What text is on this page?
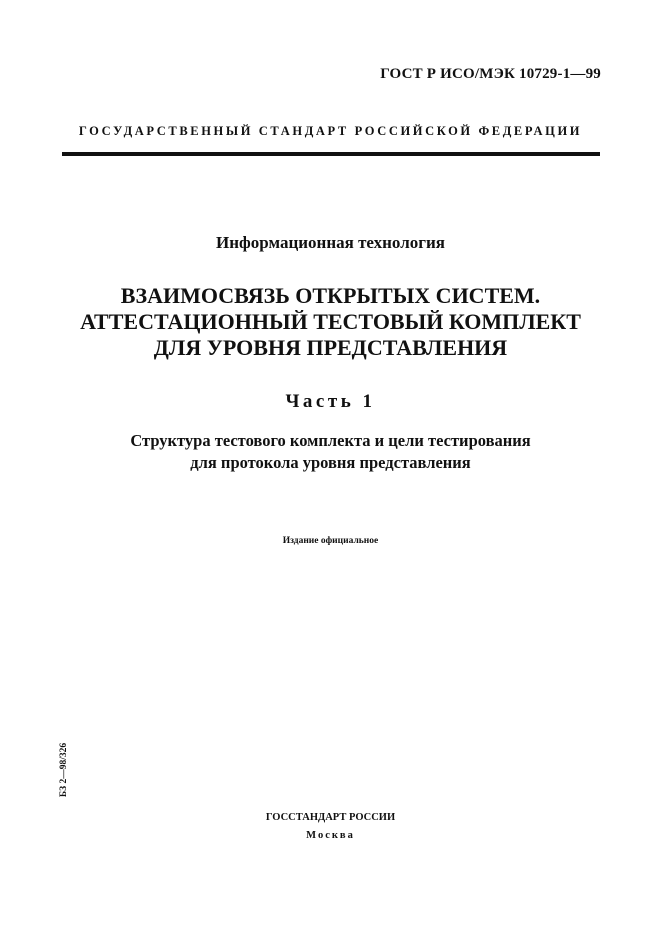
ГОСТ Р ИСО/МЭК 10729-1—99
ГОСУДАРСТВЕННЫЙ СТАНДАРТ РОССИЙСКОЙ ФЕДЕРАЦИИ
Информационная технология
ВЗАИМОСВЯЗЬ ОТКРЫТЫХ СИСТЕМ.
АТТЕСТАЦИОННЫЙ ТЕСТОВЫЙ КОМПЛЕКТ
ДЛЯ УРОВНЯ ПРЕДСТАВЛЕНИЯ
Часть 1
Структура тестового комплекта и цели тестирования
для протокола уровня представления
Издание официальное
БЗ 2—98/326
ГОССТАНДАРТ РОССИИ
Москва
